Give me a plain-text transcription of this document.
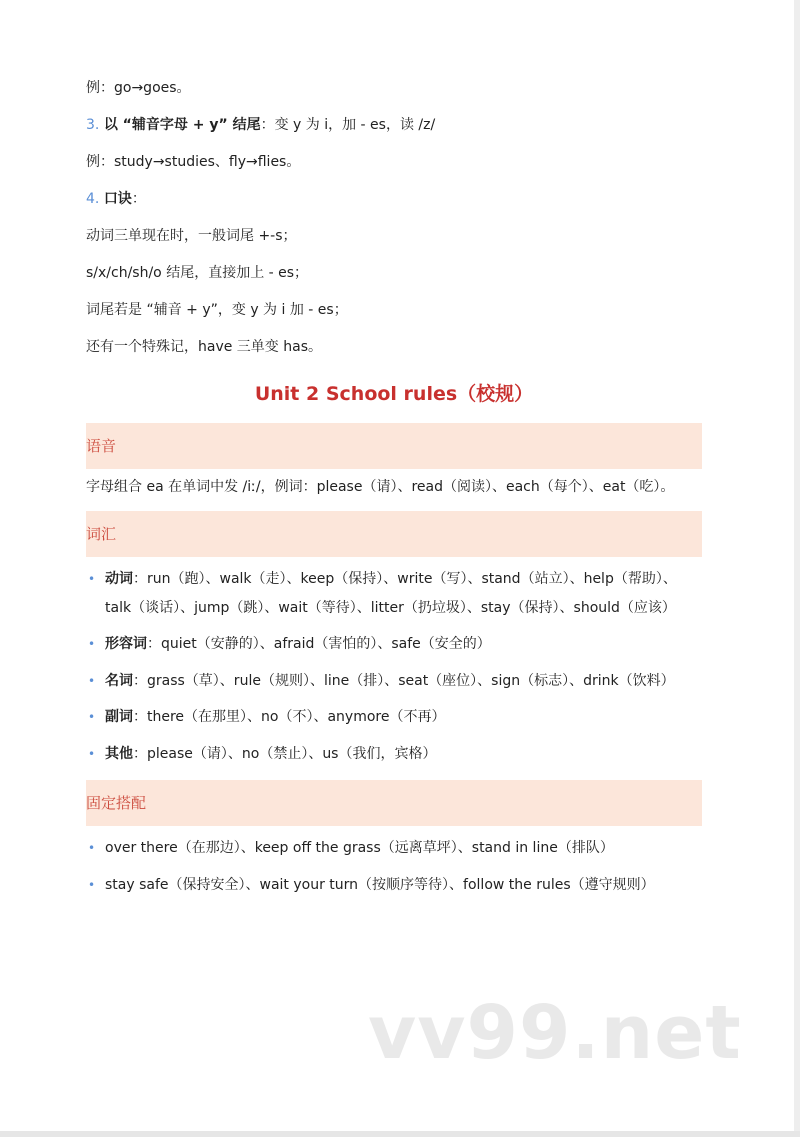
例：go→goes。

3. 以 “辅音字母 + y” 结尾：变 y 为 i，加 - es，读 /z/

例：study→studies、fly→flies。

4. 口诀：

动词三单现在时，一般词尾 +-s；

s/x/ch/sh/o 结尾，直接加上 - es；

词尾若是 “辅音 + y”，变 y 为 i 加 - es；

还有一个特殊记，have 三单变 has。

Unit 2 School rules（校规）
语音

字母组合 ea 在单词中发 /iː/，例词：please（请）、read（阅读）、each（每个）、eat（吃）。

词汇
• 动词：run（跑）、walk（走）、keep（保持）、write（写）、stand（站立）、help（帮助）、talk（谈话）、jump（跳）、wait（等待）、litter（扔垃圾）、stay（保持）、should（应该）
• 形容词：quiet（安静的）、afraid（害怕的）、safe（安全的）
• 名词：grass（草）、rule（规则）、line（排）、seat（座位）、sign（标志）、drink（饮料）
• 副词：there（在那里）、no（不）、anymore（不再）
• 其他：please（请）、no（禁止）、us（我们，宾格）
固定搭配
• over there（在那边）、keep off the grass（远离草坪）、stand in line（排队）
• stay safe（保持安全）、wait your turn（按顺序等待）、follow the rules（遵守规则）
vv99.net
